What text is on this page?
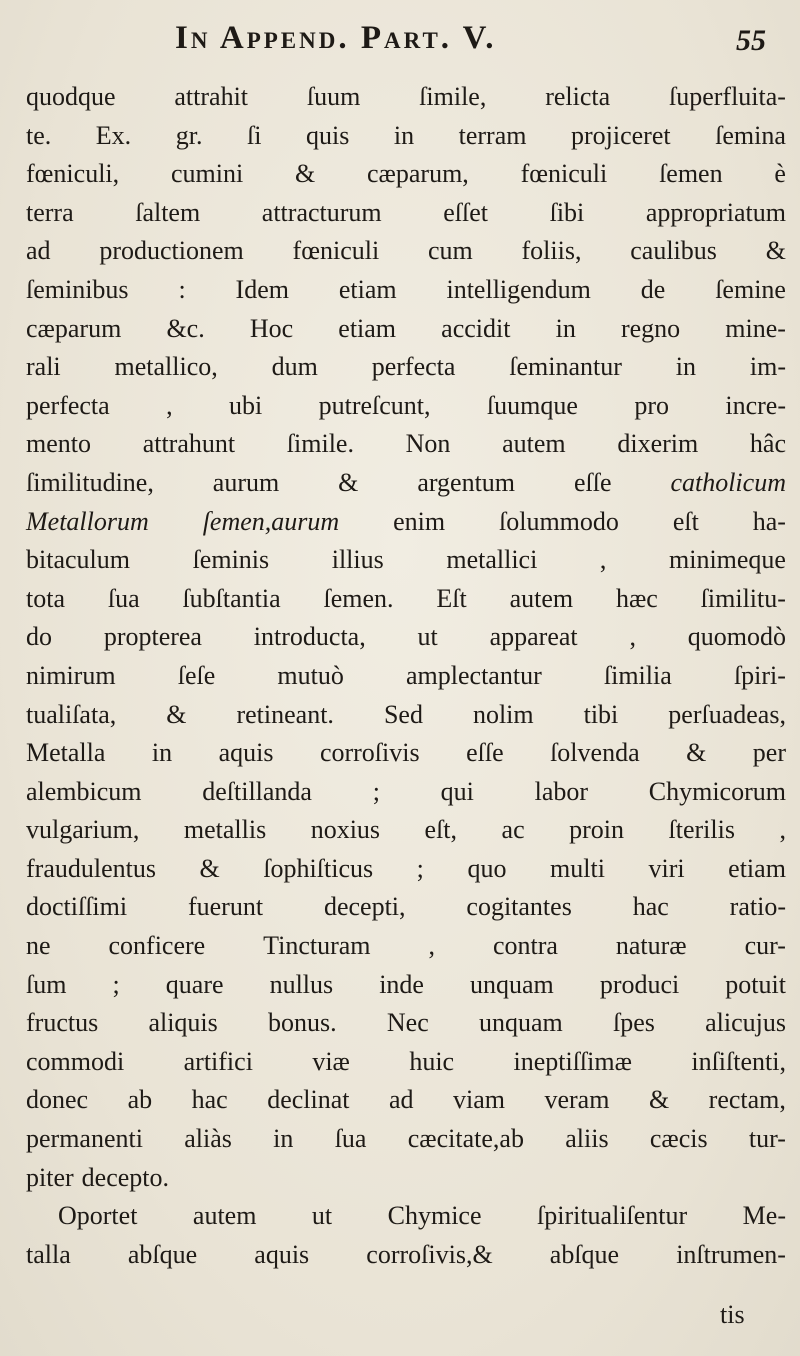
In Append. Part. V.	55
quodque attrahit ſuum ſimile, relicta ſuperfluita-
te. Ex. gr. ſi quis in terram projiceret ſemina
fœniculi, cumini & cæparum, fœniculi ſemen è
terra ſaltem attracturum eſſet ſibi appropriatum
ad productionem fœniculi cum foliis, caulibus &
ſeminibus : Idem etiam intelligendum de ſemine
cæparum &c. Hoc etiam accidit in regno mine-
rali metallico, dum perfecta ſeminantur in im-
perfecta , ubi putreſcunt, ſuumque pro incre-
mento attrahunt ſimile. Non autem dixerim hâc
ſimilitudine, aurum & argentum eſſe catholicum
Metallorum ſemen,aurum enim ſolummodo eſt ha-
bitaculum ſeminis illius metallici , minimeque
tota ſua ſubſtantia ſemen. Eſt autem hæc ſimilitu-
do propterea introducta, ut appareat , quomodò
nimirum ſeſe mutuò amplectantur ſimilia ſpiri-
tualiſata, & retineant. Sed nolim tibi perſuadeas,
Metalla in aquis corroſivis eſſe ſolvenda & per
alembicum deſtillanda ; qui labor Chymicorum
vulgarium, metallis noxius eſt, ac proin ſterilis ,
fraudulentus & ſophiſticus ; quo multi viri etiam
doctiſſimi fuerunt decepti, cogitantes hac ratio-
ne conficere Tincturam , contra naturæ cur-
ſum ; quare nullus inde unquam produci potuit
fructus aliquis bonus. Nec unquam ſpes alicujus
commodi artifici viæ huic ineptiſſimæ inſiſtenti,
donec ab hac declinat ad viam veram & rectam,
permanenti aliàs in ſua cæcitate,ab aliis cæcis tur-
piter decepto.
Oportet autem ut Chymice ſpiritualiſentur Me-
talla abſque aquis corroſivis,& abſque inſtrumen-
tis
